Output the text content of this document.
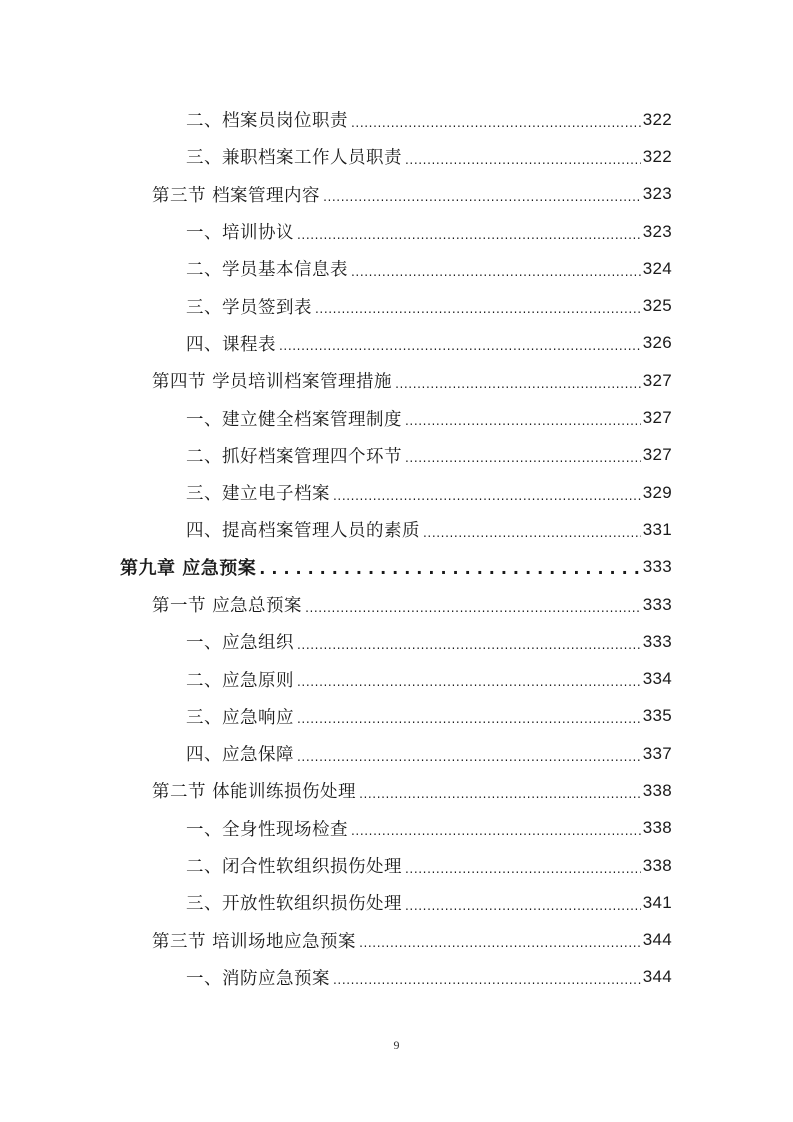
二、档案员岗位职责 .....	322
三、兼职档案工作人员职责 .....	322
第三节 档案管理内容 .....	323
一、培训协议 .....	323
二、学员基本信息表 .....	324
三、学员签到表 .....	325
四、课程表 .....	326
第四节 学员培训档案管理措施 .....	327
一、建立健全档案管理制度 .....	327
二、抓好档案管理四个环节 .....	327
三、建立电子档案 .....	329
四、提高档案管理人员的素质 .....	331
第九章 应急预案 .....	333
第一节 应急总预案 .....	333
一、应急组织 .....	333
二、应急原则 .....	334
三、应急响应 .....	335
四、应急保障 .....	337
第二节 体能训练损伤处理 .....	338
一、全身性现场检查 .....	338
二、闭合性软组织损伤处理 .....	338
三、开放性软组织损伤处理 .....	341
第三节 培训场地应急预案 .....	344
一、消防应急预案 .....	344
9
